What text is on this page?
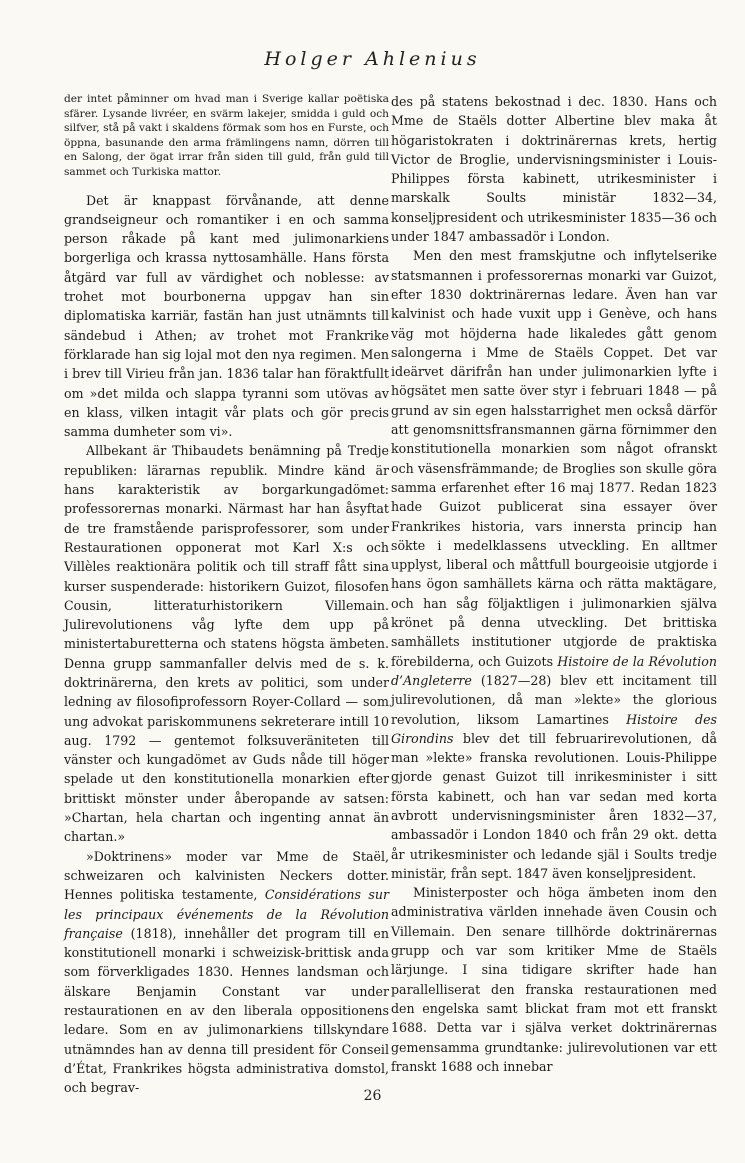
Holger Ahlenius

der intet påminner om hvad man i Sverige kallar poëtiska sfärer. Lysande livréer, en svärm lakejer, smidda i guld och silfver, stå på vakt i skaldens förmak som hos en Furste, och öppna, basunande den arma främlingens namn, dörren till en Salong, der ögat irrar från siden till guld, från guld till sammet och Turkiska mattor.

Det är knappast förvånande, att denne grandseigneur och romantiker i en och samma person råkade på kant med julimonarkiens borgerliga och krassa nyttosamhälle. Hans första åtgärd var full av värdighet och noblesse: av trohet mot bourbonerna uppgav han sin diplomatiska karriär, fastän han just utnämnts till sändebud i Athen; av trohet mot Frankrike förklarade han sig lojal mot den nya regimen. Men i brev till Virieu från jan. 1836 talar han föraktfullt om »det milda och slappa tyranni som utövas av en klass, vilken intagit vår plats och gör precis samma dumheter som vi».

Allbekant är Thibaudets benämning på Tredje republiken: lärarnas republik. Mindre känd är hans karakteristik av borgarkungadömet: professorernas monarki. Närmast har han åsyftat de tre framstående parisprofessorer, som under Restaurationen opponerat mot Karl X:s och Villèles reaktionära politik och till straff fått sina kurser suspenderade: historikern Guizot, filosofen Cousin, litteraturhistorikern Villemain. Julirevolutionens våg lyfte dem upp på ministertaburetterna och statens högsta ämbeten. Denna grupp sammanfaller delvis med de s. k. doktrinärerna, den krets av politici, som under ledning av filosofiprofessorn Royer-Collard — som ung advokat pariskommunens sekreterare intill 10 aug. 1792 — gentemot folksuveräniteten till vänster och kungadömet av Guds nåde till höger spelade ut den konstitutionella monarkien efter brittiskt mönster under åberopande av satsen: »Chartan, hela chartan och ingenting annat än chartan.»

»Doktrinens» moder var Mme de Staël, schweizaren och kalvinisten Neckers dotter. Hennes politiska testamente, Considérations sur les principaux événements de la Révolution française (1818), innehåller det program till en konstitutionell monarki i schweizisk-brittisk anda som förverkligades 1830. Hennes landsman och älskare Benjamin Constant var under restaurationen en av den liberala oppositionens ledare. Som en av julimonarkiens tillskyndare utnämndes han av denna till president för Conseil d’État, Frankrikes högsta administrativa domstol, och begrav-

des på statens bekostnad i dec. 1830. Hans och Mme de Staëls dotter Albertine blev maka åt högaristokraten i doktrinärernas krets, hertig Victor de Broglie, undervisningsminister i Louis-Philippes första kabinett, utrikesminister i marskalk Soults ministär 1832—34, konseljpresident och utrikesminister 1835—36 och under 1847 ambassadör i London.

Men den mest framskjutne och inflytelserike statsmannen i professorernas monarki var Guizot, efter 1830 doktrinärernas ledare. Även han var kalvinist och hade vuxit upp i Genève, och hans väg mot höjderna hade likaledes gått genom salongerna i Mme de Staëls Coppet. Det var ideärvet därifrån han under julimonarkien lyfte i högsätet men satte över styr i februari 1848 — på grund av sin egen halsstarrighet men också därför att genomsnittsfransmannen gärna förnimmer den konstitutionella monarkien som något ofranskt och väsensfrämmande; de Broglies son skulle göra samma erfarenhet efter 16 maj 1877. Redan 1823 hade Guizot publicerat sina essayer över Frankrikes historia, vars innersta princip han sökte i medelklassens utveckling. En alltmer upplyst, liberal och måttfull bourgeoisie utgjorde i hans ögon samhällets kärna och rätta maktägare, och han såg följaktligen i julimonarkien själva krönet på denna utveckling. Det brittiska samhällets institutioner utgjorde de praktiska förebilderna, och Guizots Histoire de la Révolution d’Angleterre (1827—28) blev ett incitament till julirevolutionen, då man »lekte» the glorious revolution, liksom Lamartines Histoire des Girondins blev det till februarirevolutionen, då man »lekte» franska revolutionen. Louis-Philippe gjorde genast Guizot till inrikesminister i sitt första kabinett, och han var sedan med korta avbrott undervisningsminister åren 1832—37, ambassadör i London 1840 och från 29 okt. detta år utrikesminister och ledande själ i Soults tredje ministär, från sept. 1847 även konseljpresident.

Ministerposter och höga ämbeten inom den administrativa världen innehade även Cousin och Villemain. Den senare tillhörde doktrinärernas grupp och var som kritiker Mme de Staëls lärjunge. I sina tidigare skrifter hade han parallelliserat den franska restaurationen med den engelska samt blickat fram mot ett franskt 1688. Detta var i själva verket doktrinärernas gemensamma grundtanke: julirevolutionen var ett franskt 1688 och innebar

26
